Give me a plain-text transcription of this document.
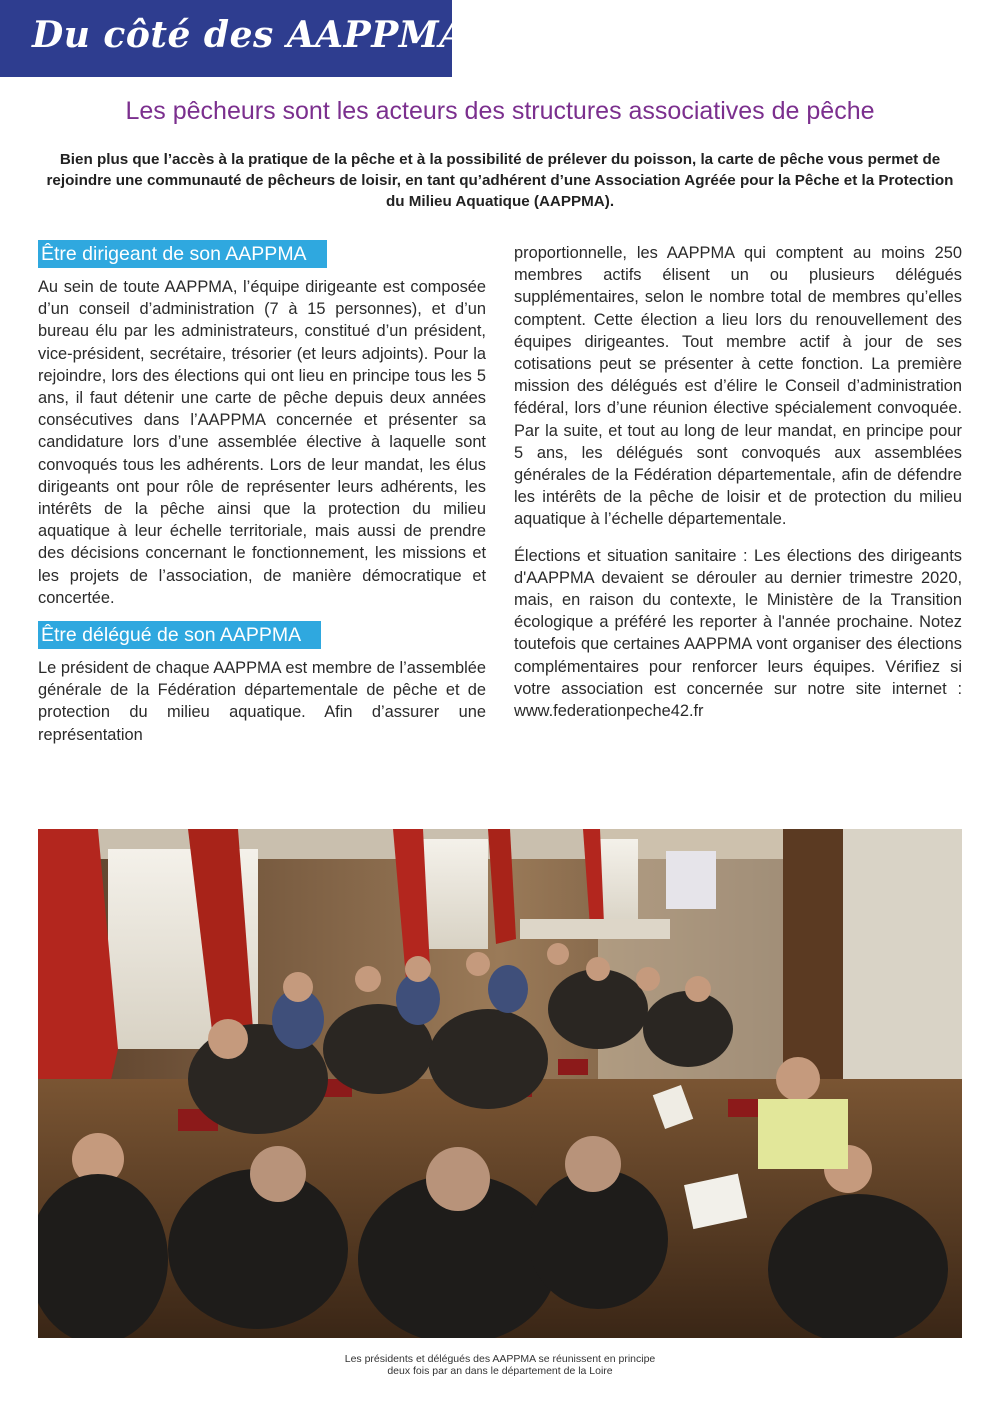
Du côté des AAPPMA
Les pêcheurs sont les acteurs des structures associatives de pêche
Bien plus que l’accès à la pratique de la pêche et à la possibilité de prélever du poisson, la carte de pêche vous permet de rejoindre une communauté de pêcheurs de loisir, en tant qu’adhérent d’une Association Agréée pour la Pêche et la Protection du Milieu Aquatique (AAPPMA).
Être dirigeant de son AAPPMA

Au sein de toute AAPPMA, l’équipe dirigeante est composée d’un conseil d’administration (7 à 15 personnes), et d’un bureau élu par les administrateurs, constitué d’un président, vice-président, secrétaire, trésorier (et leurs adjoints). Pour la rejoindre, lors des élections qui ont lieu en principe tous les 5 ans, il faut détenir une carte de pêche depuis deux années consécutives dans l’AAPPMA concernée et présenter sa candidature lors d’une assemblée élective à laquelle sont convoqués tous les adhérents. Lors de leur mandat, les élus dirigeants ont pour rôle de représenter leurs adhérents, les intérêts de la pêche ainsi que la protection du milieu aquatique à leur échelle territoriale, mais aussi de prendre des décisions concernant le fonctionnement, les missions et les projets de l’association, de manière démocratique et concertée.

Être délégué de son AAPPMA

Le président de chaque AAPPMA est membre de l’assemblée générale de la Fédération départementale de pêche et de protection du milieu aquatique. Afin d’assurer une représentation

proportionnelle, les AAPPMA qui comptent au moins 250 membres actifs élisent un ou plusieurs délégués supplémentaires, selon le nombre total de membres qu’elles comptent. Cette élection a lieu lors du renouvellement des équipes dirigeantes. Tout membre actif à jour de ses cotisations peut se présenter à cette fonction. La première mission des délégués est d’élire le Conseil d’administration fédéral, lors d’une réunion élective spécialement convoquée. Par la suite, et tout au long de leur mandat, en principe pour 5 ans, les délégués sont convoqués aux assemblées générales de la Fédération départementale, afin de défendre les intérêts de la pêche de loisir et de protection du milieu aquatique à l’échelle départementale.

Élections et situation sanitaire : Les élections des dirigeants d'AAPPMA devaient se dérouler au dernier trimestre 2020, mais, en raison du contexte, le Ministère de la Transition écologique a préféré les reporter à l'année prochaine. Notez toutefois que certaines AAPPMA vont organiser des élections complémentaires pour renforcer leurs équipes. Vérifiez si votre association est concernée sur notre site internet : www.federationpeche42.fr

Les présidents et délégués des AAPPMA se réunissent en principe
deux fois par an dans le département de la Loire
